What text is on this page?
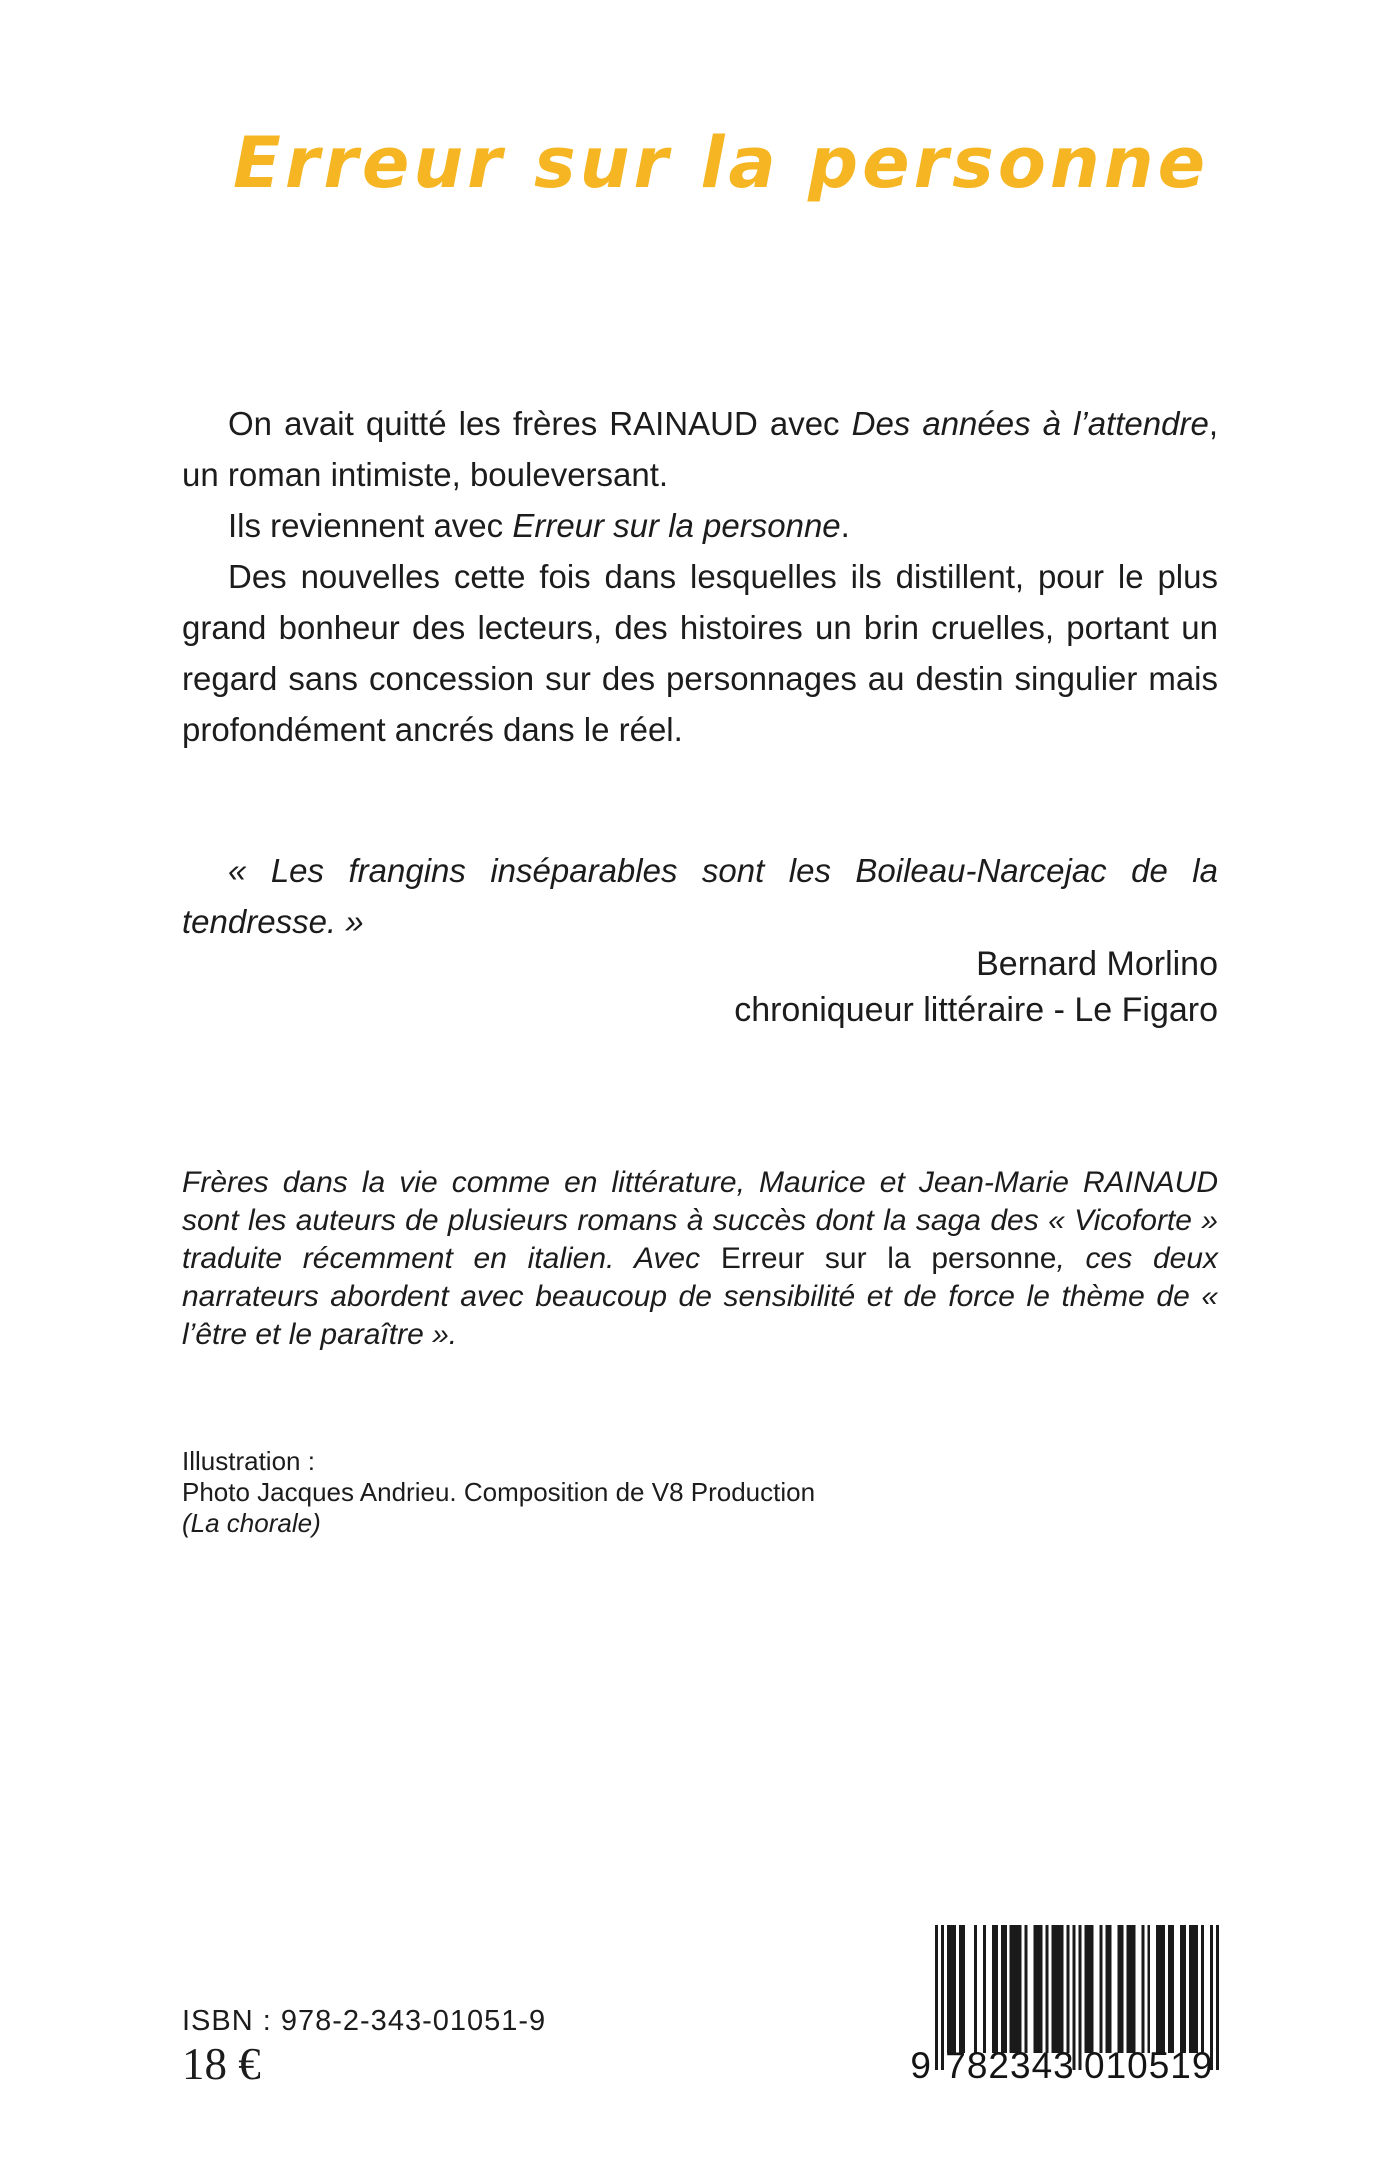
Erreur sur la personne

On avait quitté les frères RAINAUD avec Des années à l’attendre, un roman intimiste, bouleversant.

Ils reviennent avec Erreur sur la personne.

Des nouvelles cette fois dans lesquelles ils distillent, pour le plus grand bonheur des lecteurs, des histoires un brin cruelles, portant un regard sans concession sur des personnages au destin singulier mais profondément ancrés dans le réel.

« Les frangins inséparables sont les Boileau-Narcejac de la tendresse. »
Bernard Morlino
chroniqueur littéraire - Le Figaro
Frères dans la vie comme en littérature, Maurice et Jean-Marie RAINAUD sont les auteurs de plusieurs romans à succès dont la saga des « Vicoforte » traduite récemment en italien. Avec Erreur sur la personne, ces deux narrateurs abordent avec beaucoup de sensibilité et de force le thème de « l’être et le paraître ».
Illustration :
Photo Jacques Andrieu. Composition de V8 Production
(La chorale)
ISBN : 978-2-343-01051-9
18 €	9 782343 010519
